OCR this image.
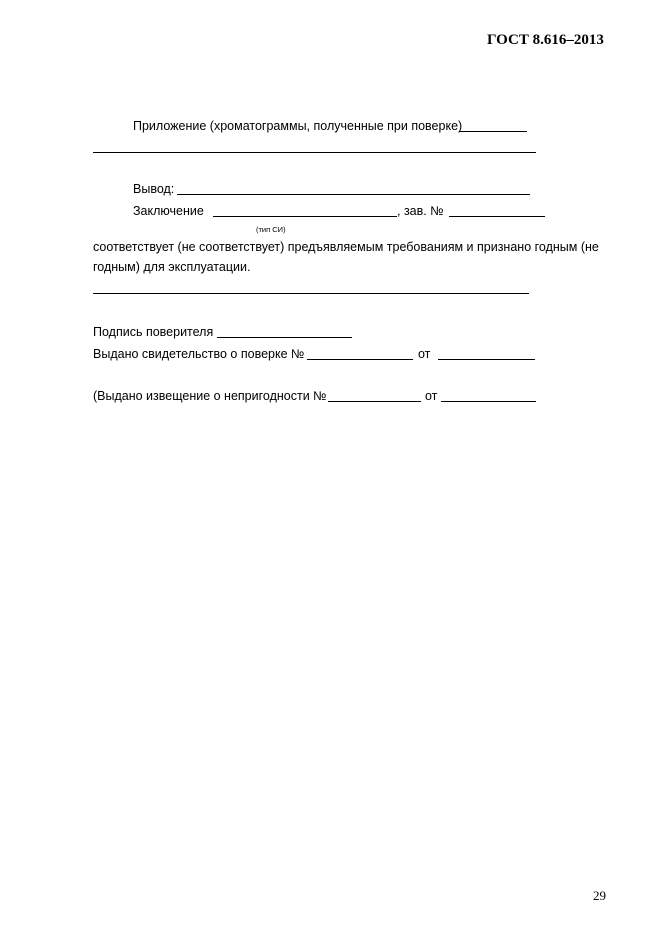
ГОСТ 8.616–2013
Приложение (хроматограммы, полученные при поверке)
Вывод:
Заключение	, зав. №
(тип СИ)
соответствует (не соответствует) предъявляемым требованиям и признано годным (не
годным) для эксплуатации.
Подпись поверителя
Выдано свидетельство о поверке №	от
(Выдано извещение о непригодности №	от
29
